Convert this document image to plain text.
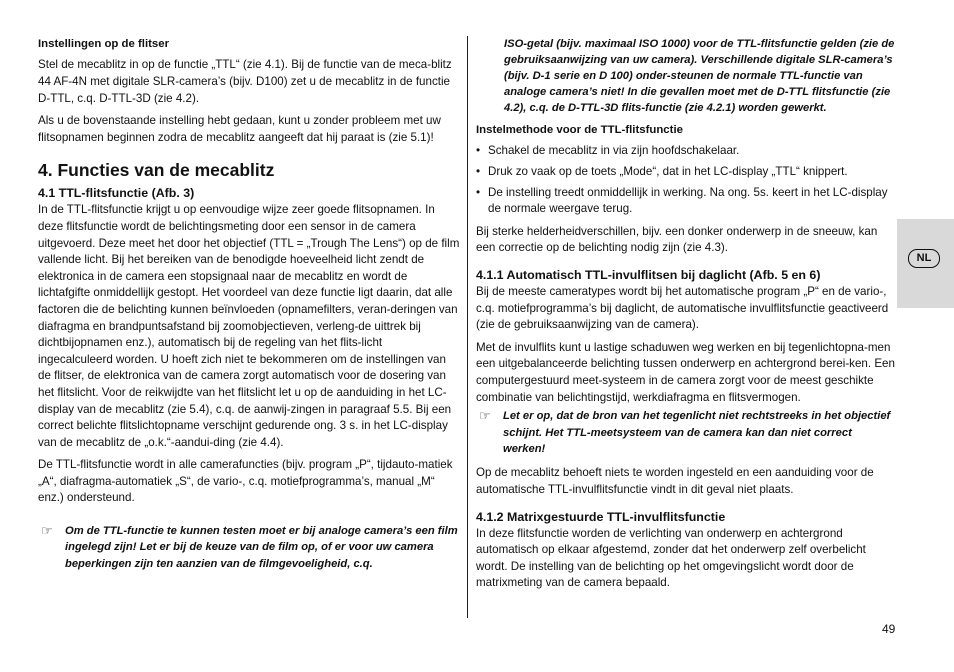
Instellingen op de flitser

Stel de mecablitz in op de functie „TTL“ (zie 4.1). Bij de functie van de meca-blitz 44 AF-4N met digitale SLR-camera’s (bijv. D100) zet u de mecablitz in de functie D-TTL, c.q. D-TTL-3D (zie 4.2).

Als u de bovenstaande instelling hebt gedaan, kunt u zonder probleem met uw flitsopnamen beginnen zodra de mecablitz aangeeft dat hij paraat is (zie 5.1)!

4. Functies van de mecablitz
4.1 TTL-flitsfunctie (Afb. 3)

In de TTL-flitsfunctie krijgt u op eenvoudige wijze zeer goede flitsopnamen. In deze flitsfunctie wordt de belichtingsmeting door een sensor in de camera uitgevoerd. Deze meet het door het objectief (TTL = „Trough The Lens“) op de film vallende licht. Bij het bereiken van de benodigde hoeveelheid licht zendt de elektronica in de camera een stopsignaal naar de mecablitz en wordt de lichtafgifte onmiddellijk gestopt. Het voordeel van deze functie ligt daarin, dat alle factoren die de belichting kunnen beïnvloeden (opnamefilters, veran-deringen van diafragma en brandpuntsafstand bij zoomobjectieven, verleng-de uittrek bij dichtbijopnamen enz.), automatisch bij de regeling van het flits-licht ingecalculeerd worden. U hoeft zich niet te bekommeren om de instellingen van de flitser, de elektronica van de camera zorgt automatisch voor de dosering van het flitslicht. Voor de reikwijdte van het flitslicht let u op de aanduiding in het LC-display van de mecablitz (zie 5.4), c.q. de aanwij-zingen in paragraaf 5.5. Bij een correct belichte flitslichtopname verschijnt gedurende ong. 3 s. in het LC-display van de mecablitz de „o.k.“-aandui-ding (zie 4.4).

De TTL-flitsfunctie wordt in alle camerafuncties (bijv. program „P“, tijdauto-matiek „A“, diafragma-automatiek „S“, de vario-, c.q. motiefprogramma’s, manual „M“ enz.) ondersteund.

☞ Om de TTL-functie te kunnen testen moet er bij analoge camera’s een film ingelegd zijn! Let er bij de keuze van de film op, of er voor uw camera beperkingen zijn ten aanzien van de filmgevoeligheid, c.q.

ISO-getal (bijv. maximaal ISO 1000) voor de TTL-flitsfunctie gelden (zie de gebruiksaanwijzing van uw camera). Verschillende digitale SLR-camera’s (bijv. D-1 serie en D 100) onder-steunen de normale TTL-functie van analoge camera’s niet! In die gevallen moet met de D-TTL flitsfunctie (zie 4.2), c.q. de D-TTL-3D flits-functie (zie 4.2.1) worden gewerkt.

Instelmethode voor de TTL-flitsfunctie

• Schakel de mecablitz in via zijn hoofdschakelaar.
• Druk zo vaak op de toets „Mode“, dat in het LC-display „TTL“ knippert.
• De instelling treedt onmiddellijk in werking. Na ong. 5s. keert in het LC-display de normale weergave terug.

Bij sterke helderheidverschillen, bijv. een donker onderwerp in de sneeuw, kan een correctie op de belichting nodig zijn (zie 4.3).

4.1.1 Automatisch TTL-invulflitsen bij daglicht (Afb. 5 en 6)

Bij de meeste cameratypes wordt bij het automatische program „P“ en de vario-, c.q. motiefprogramma’s bij daglicht, de automatische invulflitsfunctie geactiveerd (zie de gebruiksaanwijzing van de camera).

Met de invulflits kunt u lastige schaduwen weg werken en bij tegenlichtopna-men een uitgebalanceerde belichting tussen onderwerp en achtergrond berei-ken. Een computergestuurd meet-systeem in de camera zorgt voor de meest geschikte combinatie van belichtingstijd, werkdiafragma en flitsvermogen.

☞ Let er op, dat de bron van het tegenlicht niet rechtstreeks in het objectief schijnt. Het TTL-meetsysteem van de camera kan dan niet correct werken!

Op de mecablitz behoeft niets te worden ingesteld en een aanduiding voor de automatische TTL-invulflitsfunctie vindt in dit geval niet plaats.

4.1.2 Matrixgestuurde TTL-invulflitsfunctie

In deze flitsfunctie worden de verlichting van onderwerp en achtergrond automatisch op elkaar afgestemd, zonder dat het onderwerp zelf overbelicht wordt. De instelling van de belichting op het omgevingslicht wordt door de matrixmeting van de camera bepaald.

NL
49
